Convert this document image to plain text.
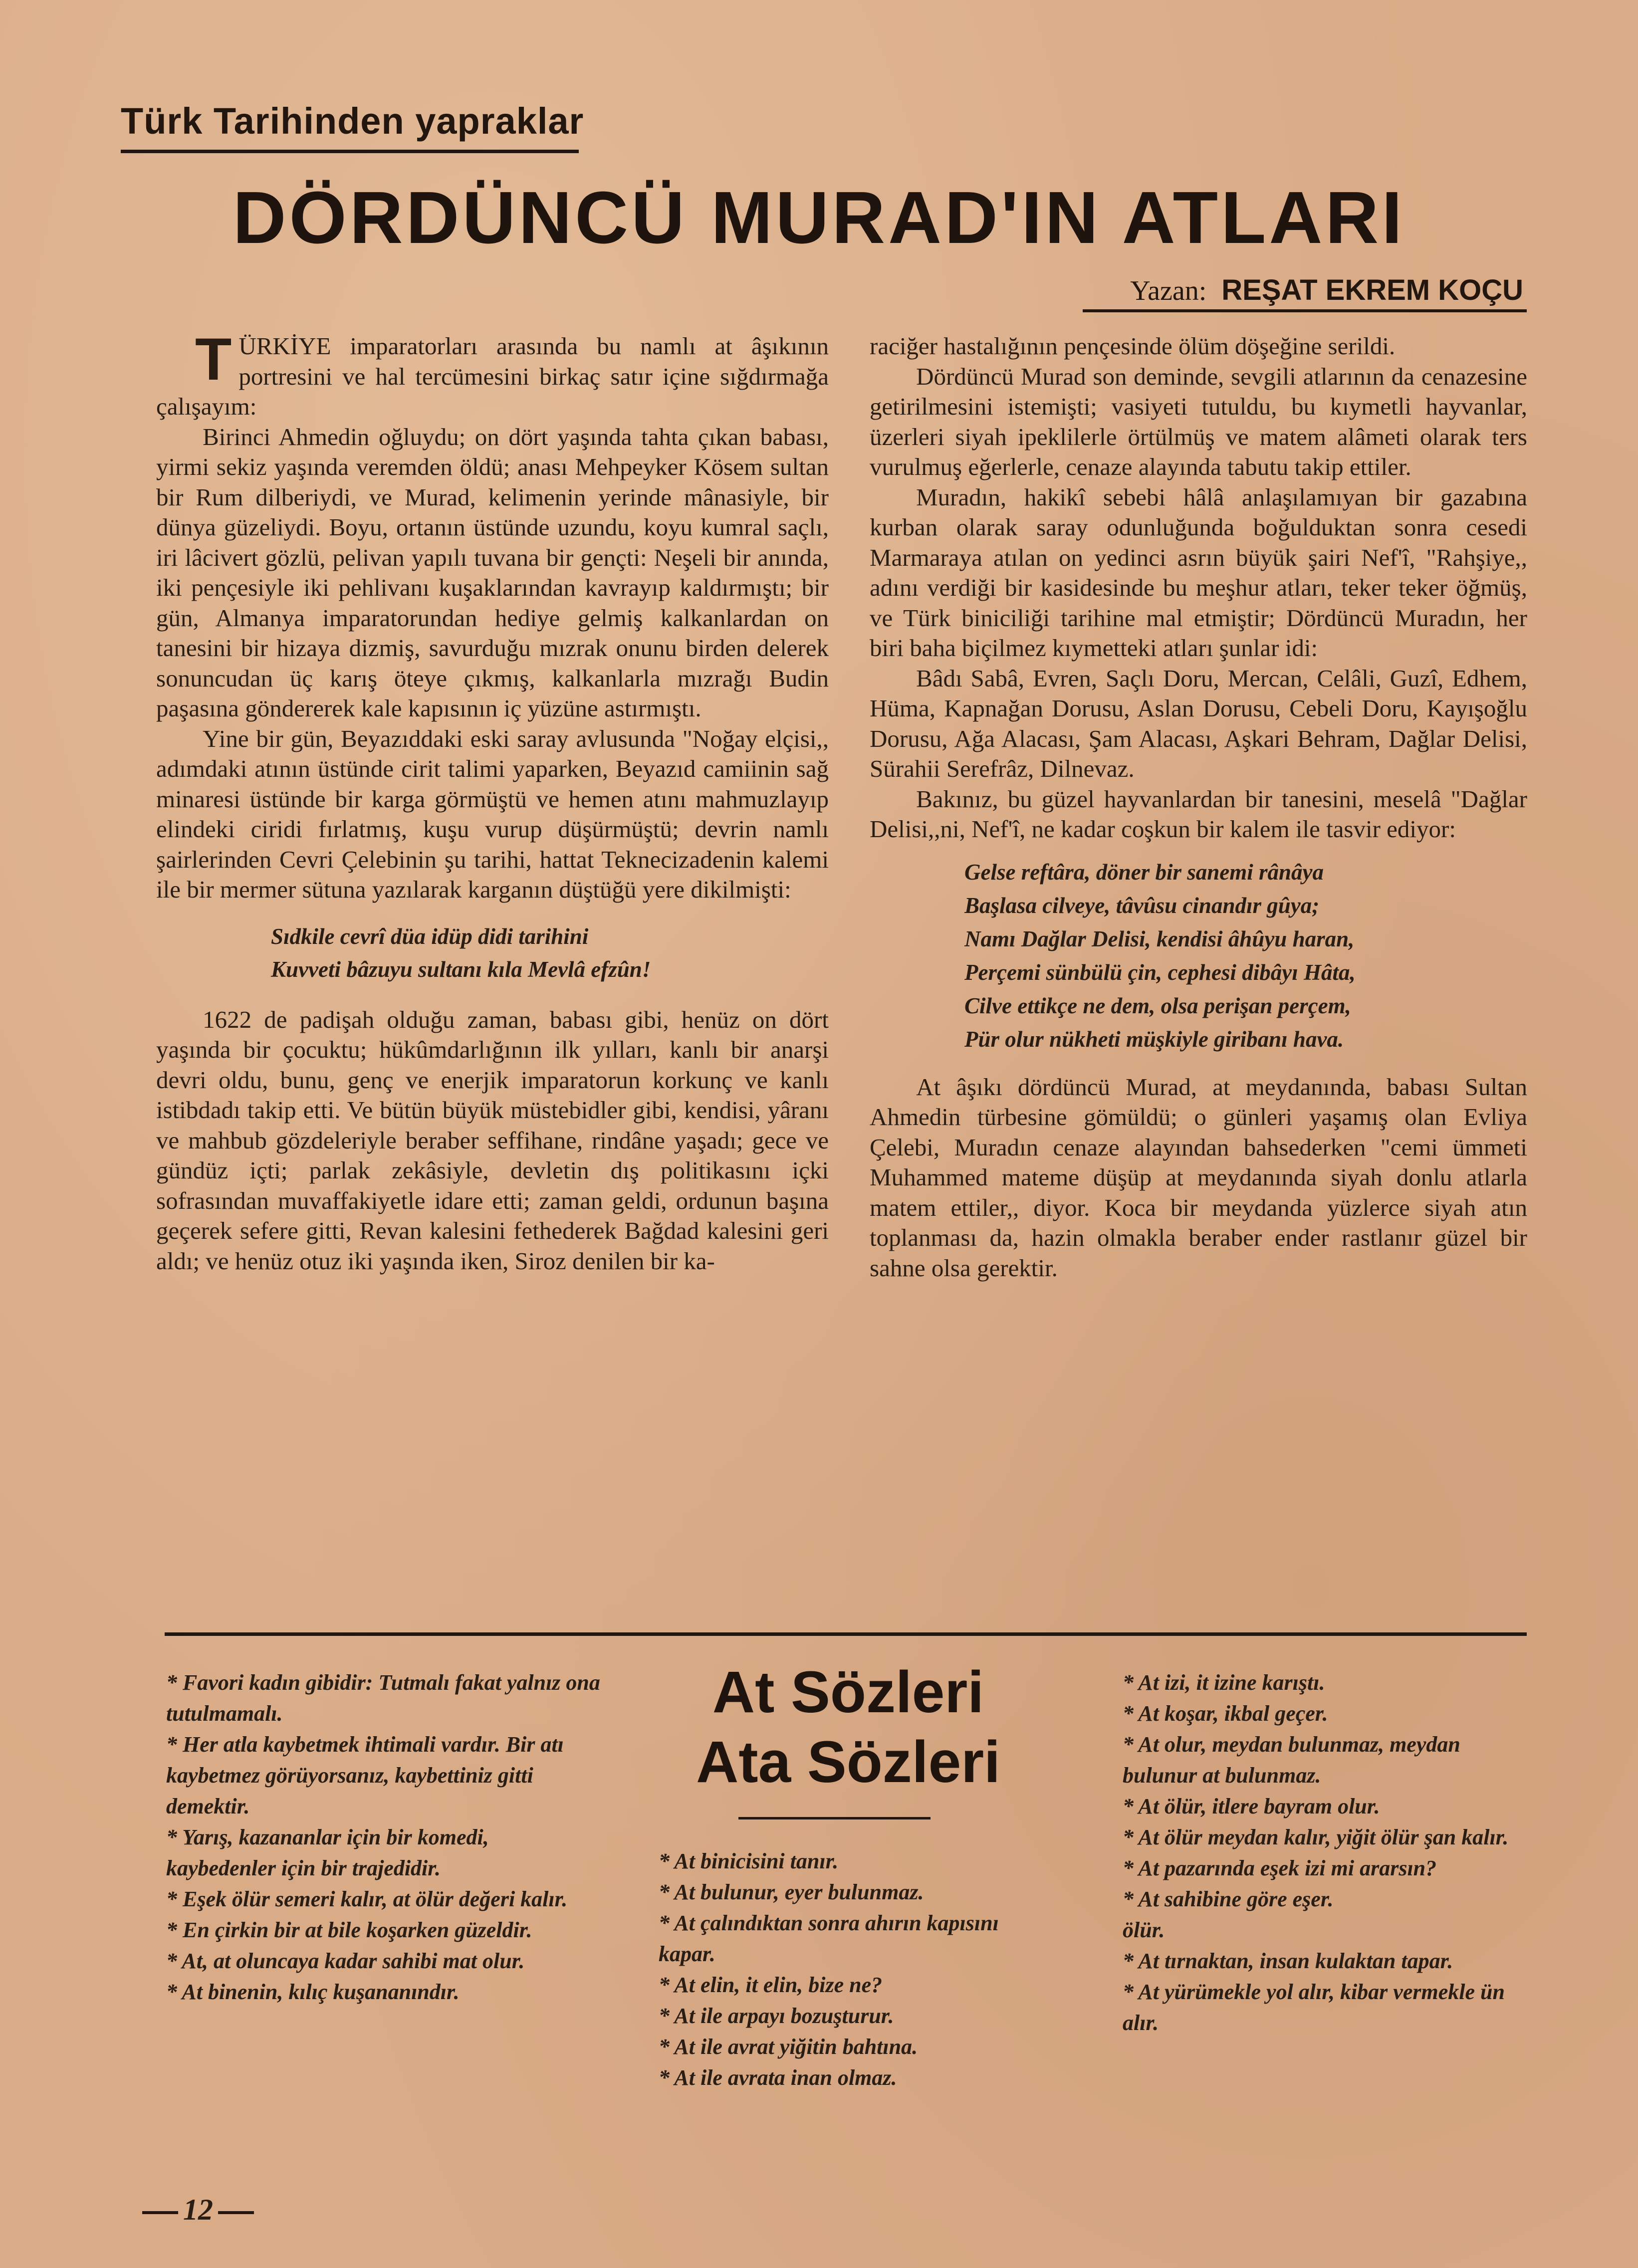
Türk Tarihinden yapraklar
DÖRDÜNCÜ MURAD'IN ATLARI
Yazan: REŞAT EKREM KOÇU

TÜRKİYE imparatorları arasında bu namlı at âşıkının portresini ve hal tercümesini birkaç satır içine sığdırmağa çalışayım:

Birinci Ahmedin oğluydu; on dört yaşında tahta çıkan babası, yirmi sekiz yaşında veremden öldü; anası Mehpeyker Kösem sultan bir Rum dilberiydi, ve Murad, kelimenin yerinde mânasiyle, bir dünya güzeliydi. Boyu, ortanın üstünde uzundu, koyu kumral saçlı, iri lâcivert gözlü, pelivan yapılı tuvana bir gençti: Neşeli bir anında, iki pençesiyle iki pehlivanı kuşaklarından kavrayıp kaldırmıştı; bir gün, Almanya imparatorundan hediye gelmiş kalkanlardan on tanesini bir hizaya dizmiş, savurduğu mızrak onunu birden delerek sonuncudan üç karış öteye çıkmış, kalkanlarla mızrağı Budin paşasına göndererek kale kapısının iç yüzüne astırmıştı.

Yine bir gün, Beyazıddaki eski saray avlusunda "Noğay elçisi,, adımdaki atının üstünde cirit talimi yaparken, Beyazıd camiinin sağ minaresi üstünde bir karga görmüştü ve hemen atını mahmuzlayıp elindeki ciridi fırlatmış, kuşu vurup düşürmüştü; devrin namlı şairlerinden Cevri Çelebinin şu tarihi, hattat Teknecizadenin kalemi ile bir mermer sütuna yazılarak karganın düştüğü yere dikilmişti:

Sıdkile cevrî düa idüp didi tarihini
Kuvveti bâzuyu sultanı kıla Mevlâ efzûn!

1622 de padişah olduğu zaman, babası gibi, henüz on dört yaşında bir çocuktu; hükûmdarlığının ilk yılları, kanlı bir anarşi devri oldu, bunu, genç ve enerjik imparatorun korkunç ve kanlı istibdadı takip etti. Ve bütün büyük müstebidler gibi, kendisi, yâranı ve mahbub gözdeleriyle beraber seffihane, rindâne yaşadı; gece ve gündüz içti; parlak zekâsiyle, devletin dış politikasını içki sofrasından muvaffakiyetle idare etti; zaman geldi, ordunun başına geçerek sefere gitti, Revan kalesini fethederek Bağdad kalesini geri aldı; ve henüz otuz iki yaşında iken, Siroz denilen bir ka-

raciğer hastalığının pençesinde ölüm döşeğine serildi.

Dördüncü Murad son deminde, sevgili atlarının da cenazesine getirilmesini istemişti; vasiyeti tutuldu, bu kıymetli hayvanlar, üzerleri siyah ipeklilerle örtülmüş ve matem alâmeti olarak ters vurulmuş eğerlerle, cenaze alayında tabutu takip ettiler.

Muradın, hakikî sebebi hâlâ anlaşılamıyan bir gazabına kurban olarak saray odunluğunda boğulduktan sonra cesedi Marmaraya atılan on yedinci asrın büyük şairi Nef'î, "Rahşiye,, adını verdiği bir kasidesinde bu meşhur atları, teker teker öğmüş, ve Türk biniciliği tarihine mal etmiştir; Dördüncü Muradın, her biri baha biçilmez kıymetteki atları şunlar idi:

Bâdı Sabâ, Evren, Saçlı Doru, Mercan, Celâli, Guzî, Edhem, Hüma, Kapnağan Dorusu, Aslan Dorusu, Cebeli Doru, Kayışoğlu Dorusu, Ağa Alacası, Şam Alacası, Aşkari Behram, Dağlar Delisi, Sürahii Serefrâz, Dilnevaz.

Bakınız, bu güzel hayvanlardan bir tanesini, meselâ "Dağlar Delisi,,ni, Nef'î, ne kadar coşkun bir kalem ile tasvir ediyor:

Gelse reftâra, döner bir sanemi rânâya
Başlasa cilveye, tâvûsu cinandır gûya;
Namı Dağlar Delisi, kendisi âhûyu haran,
Perçemi sünbülü çin, cephesi dibâyı Hâta,
Cilve ettikçe ne dem, olsa perişan perçem,
Pür olur nükheti müşkiyle giribanı hava.

At âşıkı dördüncü Murad, at meydanında, babası Sultan Ahmedin türbesine gömüldü; o günleri yaşamış olan Evliya Çelebi, Muradın cenaze alayından bahsederken "cemi ümmeti Muhammed mateme düşüp at meydanında siyah donlu atlarla matem ettiler,, diyor. Koca bir meydanda yüzlerce siyah atın toplanması da, hazin olmakla beraber ender rastlanır güzel bir sahne olsa gerektir.

* Favori kadın gibidir: Tutmalı fakat yalnız ona tutulmamalı.
* Her atla kaybetmek ihtimali vardır. Bir atı kaybetmez görüyorsanız, kaybettiniz gitti demektir.
* Yarış, kazananlar için bir komedi, kaybedenler için bir trajedidir.
* Eşek ölür semeri kalır, at ölür değeri kalır.
* En çirkin bir at bile koşarken güzeldir.
* At, at oluncaya kadar sahibi mat olur.
* At binenin, kılıç kuşananındır.
At Sözleri
Ata Sözleri
* At binicisini tanır.
* At bulunur, eyer bulunmaz.
* At çalındıktan sonra ahırın kapısını kapar.
* At elin, it elin, bize ne?
* At ile arpayı bozuşturur.
* At ile avrat yiğitin bahtına.
* At ile avrata inan olmaz.
* At izi, it izine karıştı.
* At koşar, ikbal geçer.
* At olur, meydan bulunmaz, meydan bulunur at bulunmaz.
* At ölür, itlere bayram olur.
* At ölür meydan kalır, yiğit ölür şan kalır.
* At pazarında eşek izi mi ararsın?
* At sahibine göre eşer.
ölür.
* At tırnaktan, insan kulaktan tapar.
* At yürümekle yol alır, kibar vermekle ün alır.
12
